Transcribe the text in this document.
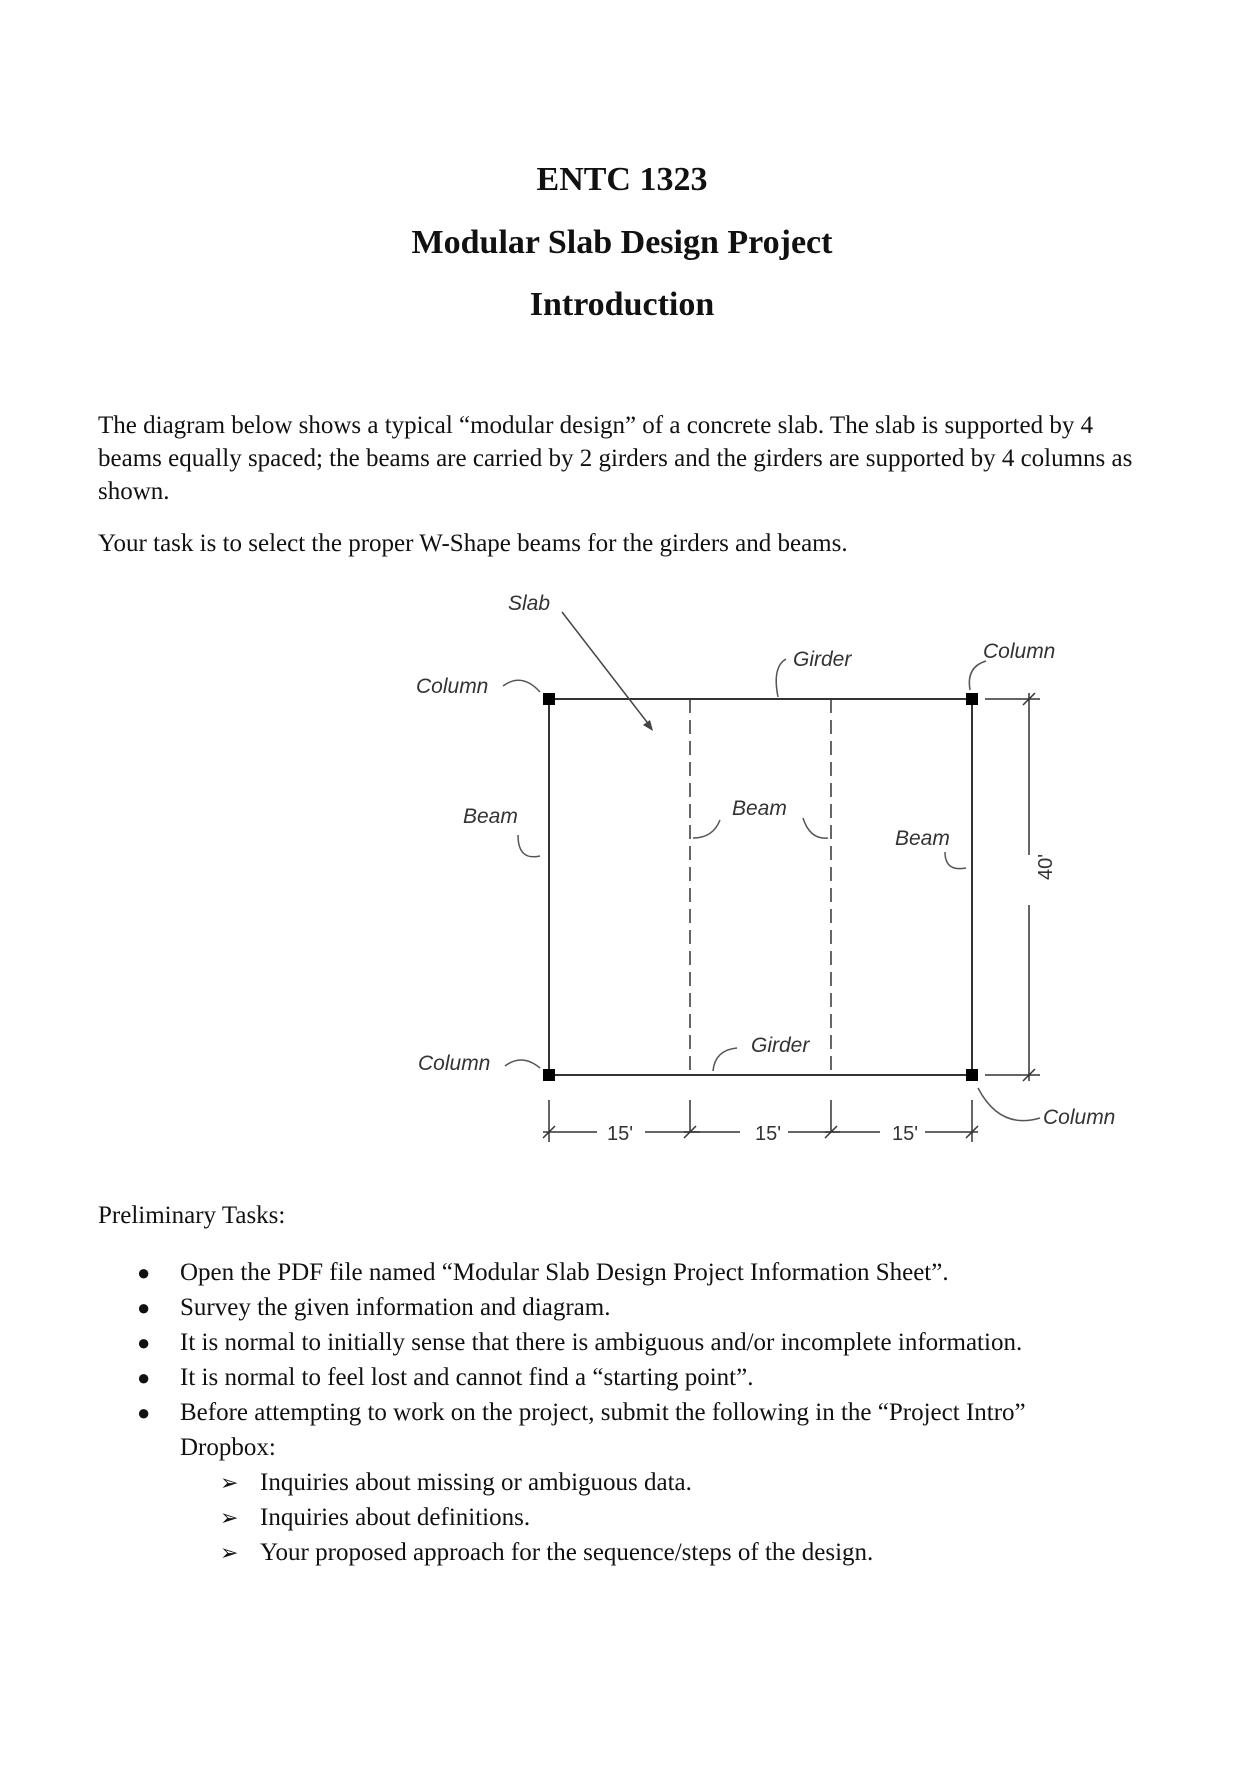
ENTC 1323
Modular Slab Design Project
Introduction
The diagram below shows a typical “modular design” of a concrete slab. The slab is supported by 4 beams equally spaced; the beams are carried by 2 girders and the girders are supported by 4 columns as shown.
Your task is to select the proper W-Shape beams for the girders and beams.
Slab
Girder	Column
Column
Beam	Beam
Beam
Girder
Column
Column
15'	15'	15'
40'
Preliminary Tasks:
● Open the PDF file named “Modular Slab Design Project Information Sheet”.
● Survey the given information and diagram.
● It is normal to initially sense that there is ambiguous and/or incomplete information.
● It is normal to feel lost and cannot find a “starting point”.
● Before attempting to work on the project, submit the following in the “Project Intro” Dropbox:
➢ Inquiries about missing or ambiguous data.
➢ Inquiries about definitions.
➢ Your proposed approach for the sequence/steps of the design.
